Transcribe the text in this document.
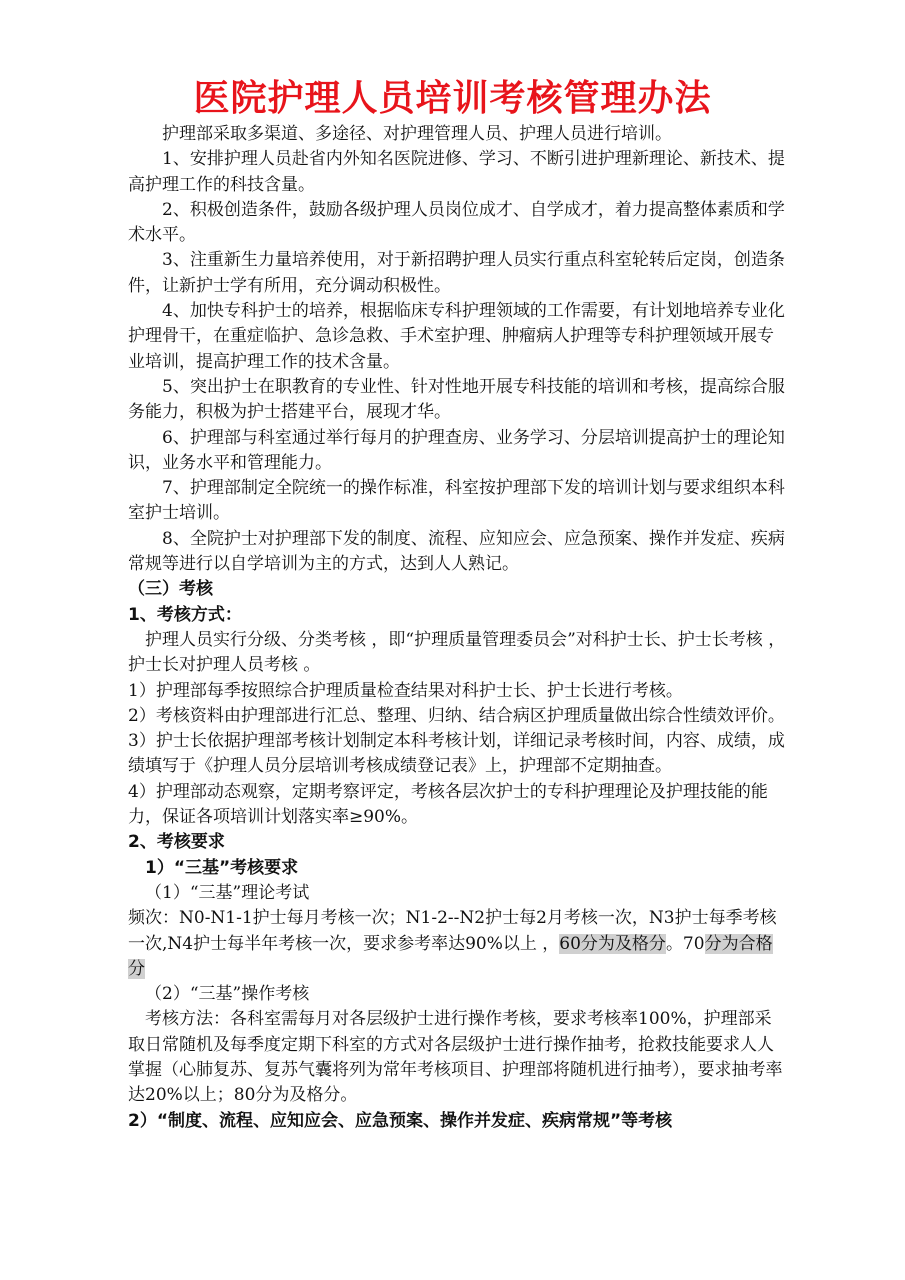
医院护理人员培训考核管理办法

护理部采取多渠道、多途径、对护理管理人员、护理人员进行培训。

1、安排护理人员赴省内外知名医院进修、学习、不断引进护理新理论、新技术、提高护理工作的科技含量。

2、积极创造条件，鼓励各级护理人员岗位成才、自学成才，着力提高整体素质和学术水平。

3、注重新生力量培养使用，对于新招聘护理人员实行重点科室轮转后定岗，创造条件，让新护士学有所用，充分调动积极性。

4、加快专科护士的培养，根据临床专科护理领域的工作需要，有计划地培养专业化护理骨干，在重症临护、急诊急救、手术室护理、肿瘤病人护理等专科护理领域开展专业培训，提高护理工作的技术含量。

5、突出护士在职教育的专业性、针对性地开展专科技能的培训和考核，提高综合服务能力，积极为护士搭建平台，展现才华。

6、护理部与科室通过举行每月的护理查房、业务学习、分层培训提高护士的理论知识，业务水平和管理能力。

7、护理部制定全院统一的操作标准，科室按护理部下发的培训计划与要求组织本科室护士培训。

8、全院护士对护理部下发的制度、流程、应知应会、应急预案、操作并发症、疾病常规等进行以自学培训为主的方式，达到人人熟记。

（三）考核

1、考核方式：

护理人员实行分级、分类考核 ，即“护理质量管理委员会”对科护士长、护士长考核 ，护士长对护理人员考核 。

1）护理部每季按照综合护理质量检查结果对科护士长、护士长进行考核。

2）考核资料由护理部进行汇总、整理、归纳、结合病区护理质量做出综合性绩效评价。

3）护士长依据护理部考核计划制定本科考核计划，详细记录考核时间，内容、成绩，成绩填写于《护理人员分层培训考核成绩登记表》上，护理部不定期抽查。

4）护理部动态观察，定期考察评定，考核各层次护士的专科护理理论及护理技能的能力，保证各项培训计划落实率≥90%。

2、考核要求

1）“三基”考核要求

（1）“三基”理论考试

频次：N0-N1-1护士每月考核一次；N1-2--N2护士每2月考核一次，N3护士每季考核一次,N4护士每半年考核一次，要求参考率达90%以上 ，60分为及格分。70分为合格分

（2）“三基”操作考核

考核方法：各科室需每月对各层级护士进行操作考核，要求考核率100%，护理部采取日常随机及每季度定期下科室的方式对各层级护士进行操作抽考，抢救技能要求人人掌握（心肺复苏、复苏气囊将列为常年考核项目、护理部将随机进行抽考），要求抽考率达20%以上；80分为及格分。

2）“制度、流程、应知应会、应急预案、操作并发症、疾病常规”等考核
